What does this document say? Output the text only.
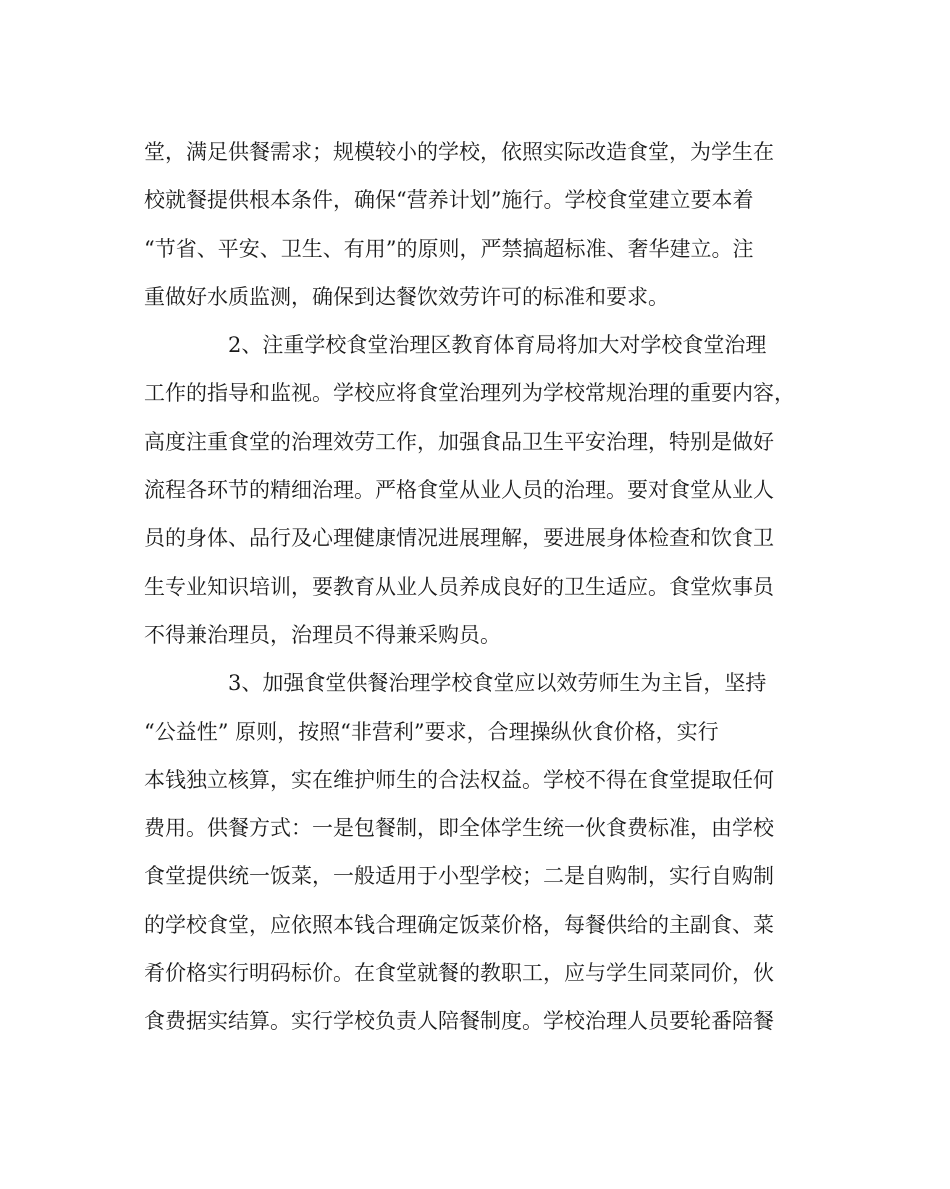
堂，满足供餐需求；规模较小的学校，依照实际改造食堂，为学生在
校就餐提供根本条件，确保“营养计划”施行。学校食堂建立要本着
“节省、平安、卫生、有用”的原则，严禁搞超标准、奢华建立。注
重做好水质监测，确保到达餐饮效劳许可的标准和要求。
2、注重学校食堂治理区教育体育局将加大对学校食堂治理
工作的指导和监视。学校应将食堂治理列为学校常规治理的重要内容，
高度注重食堂的治理效劳工作，加强食品卫生平安治理，特别是做好
流程各环节的精细治理。严格食堂从业人员的治理。要对食堂从业人
员的身体、品行及心理健康情况进展理解，要进展身体检查和饮食卫
生专业知识培训，要教育从业人员养成良好的卫生适应。食堂炊事员
不得兼治理员，治理员不得兼采购员。
3、加强食堂供餐治理学校食堂应以效劳师生为主旨，坚持
“公益性” 原则，按照“非营利”要求，合理操纵伙食价格，实行
本钱独立核算，实在维护师生的合法权益。学校不得在食堂提取任何
费用。供餐方式：一是包餐制，即全体学生统一伙食费标准，由学校
食堂提供统一饭菜，一般适用于小型学校；二是自购制，实行自购制
的学校食堂，应依照本钱合理确定饭菜价格，每餐供给的主副食、菜
肴价格实行明码标价。在食堂就餐的教职工，应与学生同菜同价，伙
食费据实结算。实行学校负责人陪餐制度。学校治理人员要轮番陪餐
